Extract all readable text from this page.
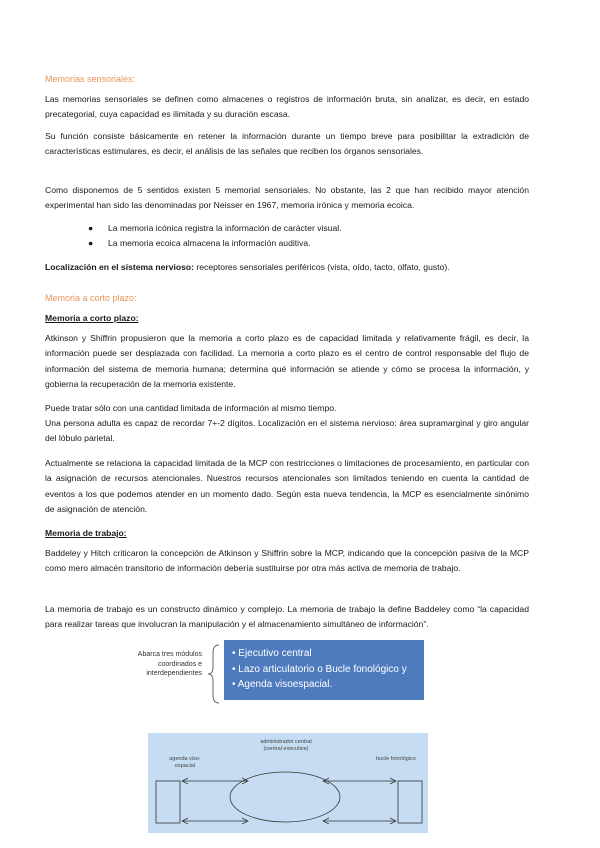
Memorias sensoriales:

Las memorias sensoriales se definen como almacenes o registros de información bruta, sin analizar, es decir, en estado precategorial, cuya capacidad es ilimitada y su duración escasa.

Su función consiste básicamente en retener la información durante un tiempo breve para posibilitar la extradición de características estimulares, es decir, el análisis de las señales que reciben los órganos sensoriales.

Como disponemos de 5 sentidos existen 5 memorial sensoriales. No obstante, las 2 que han recibido mayor atención experimental han sido las denominadas por Neisser en 1967, memoria irónica y memoria ecoica.

● La memoria icónica registra la información de carácter visual.
● La memoria ecoica almacena la información auditiva.

Localización en el sistema nervioso: receptores sensoriales periféricos (vista, oído, tacto, olfato, gusto).

Memoria a corto plazo:

Memoria a corto plazo:

Atkinson y Shiffrin propusieron que la memoria a corto plazo es de capacidad limitada y relativamente frágil, es decir, la información puede ser desplazada con facilidad. La memoria a corto plazo es el centro de control responsable del flujo de información del sistema de memoria humana; determina qué información se atiende y cómo se procesa la información, y gobierna la recuperación de la memoria existente.

Puede tratar sólo con una cantidad limitada de información al mismo tiempo.

Una persona adulta es capaz de recordar 7+-2 dígitos. Localización en el sistema nervioso: área supramarginal y giro angular del lóbulo parietal.

Actualmente se relaciona la capacidad limitada de la MCP con restricciones o limitaciones de procesamiento, en particular con la asignación de recursos atencionales. Nuestros recursos atencionales son limitados teniendo en cuenta la cantidad de eventos a los que podemos atender en un momento dado. Según esta nueva tendencia, la MCP es esencialmente sinónimo de asignación de atención.

Memoria de trabajo:

Baddeley y Hitch criticaron la concepción de Atkinson y Shiffrin sobre la MCP, indicando que la concepción pasiva de la MCP como mero almacén transitorio de información debería sustituirse por otra más activa de memoria de trabajo.

La memoria de trabajo es un constructo dinámico y complejo. La memoria de trabajo la define Baddeley como “la capacidad para realizar tareas que involucran la manipulación y el almacenamiento simultáneo de información”.

Abarca tres módulos coordinados e interdependientes
• Ejecutivo central
• Lazo articulatorio o Bucle fonológico y
• Agenda visoespacial.
agenda viso-espacial
administrador central (central executive)
bucle fonológico
